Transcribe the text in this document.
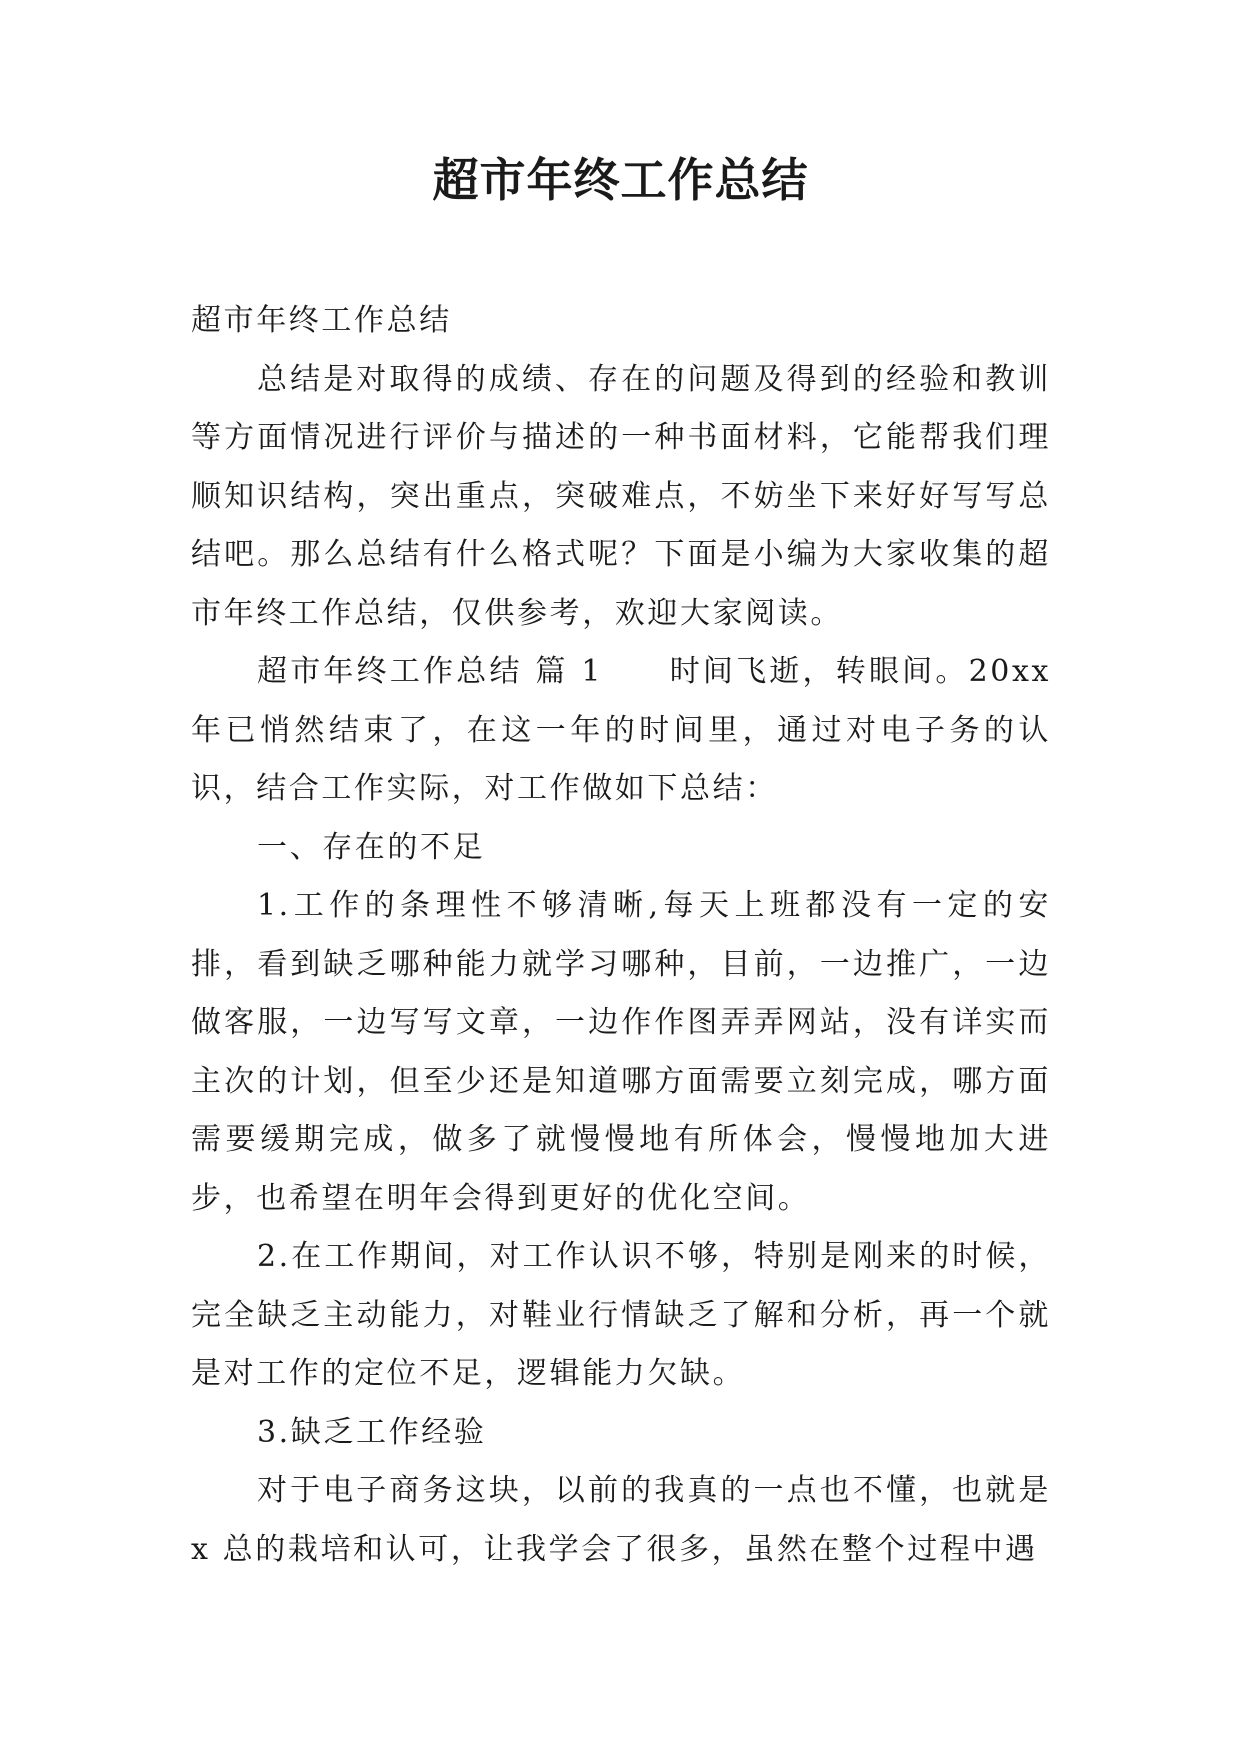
超市年终工作总结

超市年终工作总结

总结是对取得的成绩、存在的问题及得到的经验和教训等方面情况进行评价与描述的一种书面材料，它能帮我们理顺知识结构，突出重点，突破难点，不妨坐下来好好写写总结吧。那么总结有什么格式呢？下面是小编为大家收集的超市年终工作总结，仅供参考，欢迎大家阅读。

超市年终工作总结 篇 1 时间飞逝，转眼间。20xx 年已悄然结束了，在这一年的时间里，通过对电子务的认识，结合工作实际，对工作做如下总结：

一、存在的不足

1.工作的条理性不够清晰,每天上班都没有一定的安排，看到缺乏哪种能力就学习哪种，目前，一边推广，一边做客服，一边写写文章，一边作作图弄弄网站，没有详实而主次的计划，但至少还是知道哪方面需要立刻完成，哪方面需要缓期完成，做多了就慢慢地有所体会，慢慢地加大进步，也希望在明年会得到更好的优化空间。

2.在工作期间，对工作认识不够，特别是刚来的时候，完全缺乏主动能力，对鞋业行情缺乏了解和分析，再一个就是对工作的定位不足，逻辑能力欠缺。

3.缺乏工作经验

对于电子商务这块，以前的我真的一点也不懂，也就是 x 总的栽培和认可，让我学会了很多，虽然在整个过程中遇
